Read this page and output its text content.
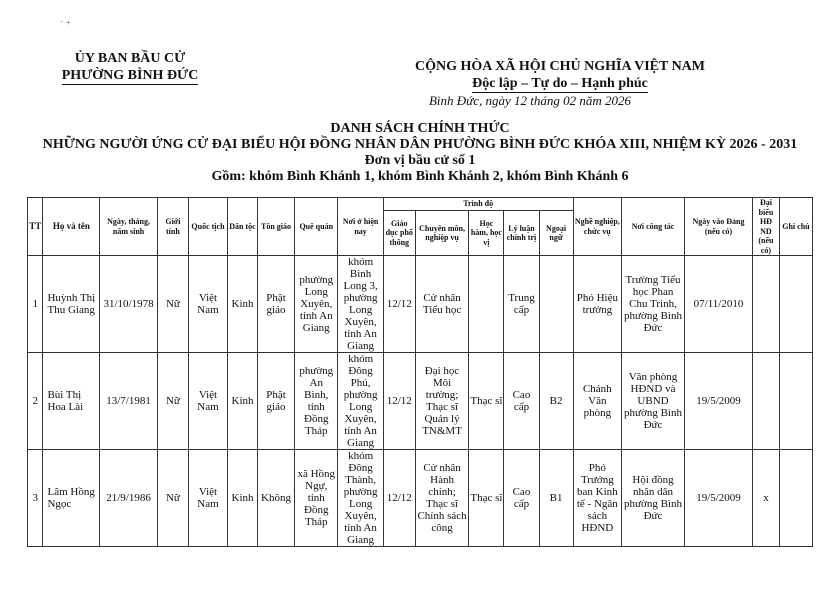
˙ ⁺
ỦY BAN BẦU CỬ
PHƯỜNG BÌNH ĐỨC
CỘNG HÒA XÃ HỘI CHỦ NGHĨA VIỆT NAM
Độc lập – Tự do – Hạnh phúc
Bình Đức, ngày 12 tháng 02 năm 2026
DANH SÁCH CHÍNH THỨC
NHỮNG NGƯỜI ỨNG CỬ ĐẠI BIỂU HỘI ĐỒNG NHÂN DÂN PHƯỜNG BÌNH ĐỨC KHÓA XIII, NHIỆM KỲ 2026 - 2031
Đơn vị bầu cử số 1
Gồm: khóm Bình Khánh 1, khóm Bình Khánh 2, khóm Bình Khánh 6
TT	Họ và tên	Ngày, tháng, năm sinh	Giới tính	Quốc tịch	Dân tộc	Tôn giáo	Quê quán	Nơi ở hiện nay	Trình độ					Nghề nghiệp, chức vụ	Nơi công tác	Ngày vào Đảng (nếu có)	Đại biểu HĐ ND (nếu có)	Ghi chú
									Giáo dục phổ thông	Chuyên môn, nghiệp vụ	Học hàm, học vị	Lý luận chính trị	Ngoại ngữ					
1	Huỳnh Thị Thu Giang	31/10/1978	Nữ	Việt Nam	Kinh	Phật giáo	phường Long Xuyên, tỉnh An Giang	khóm Bình Long 3, phường Long Xuyên, tỉnh An Giang	12/12	Cử nhân Tiểu học		Trung cấp		Phó Hiệu trưởng	Trường Tiểu học Phan Chu Trinh, phường Bình Đức	07/11/2010		
2	Bùi Thị Hoa Lài	13/7/1981	Nữ	Việt Nam	Kinh	Phật giáo	phường An Bình, tỉnh Đồng Tháp	khóm Đông Phú, phường Long Xuyên, tỉnh An Giang	12/12	Đại học Môi trường; Thạc sĩ Quản lý TN&MT	Thạc sĩ	Cao cấp	B2	Chánh Văn phòng	Văn phòng HĐND và UBND phường Bình Đức	19/5/2009		
3	Lâm Hồng Ngọc	21/9/1986	Nữ	Việt Nam	Kinh	Không	xã Hồng Ngự, tỉnh Đồng Tháp	khóm Đông Thành, phường Long Xuyên, tỉnh An Giang	12/12	Cử nhân Hành chính; Thạc sĩ Chính sách công	Thạc sĩ	Cao cấp	B1	Phó Trưởng ban Kinh tế - Ngân sách HĐND	Hội đồng nhân dân phường Bình Đức	19/5/2009	x	
